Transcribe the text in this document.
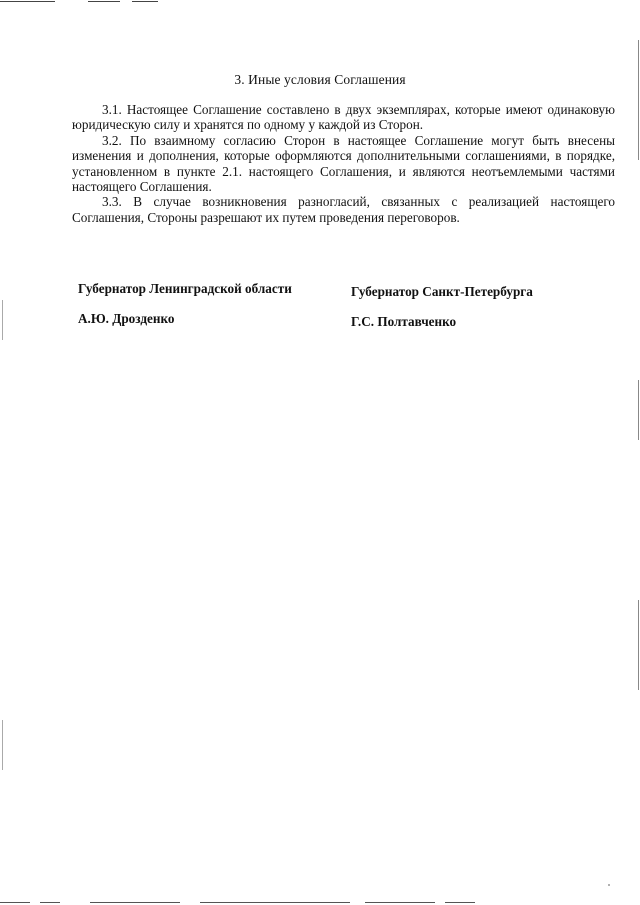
3. Иные условия Соглашения

3.1. Настоящее Соглашение составлено в двух экземплярах, которые имеют одинаковую юридическую силу и хранятся по одному у каждой из Сторон.

3.2. По взаимному согласию Сторон в настоящее Соглашение могут быть внесены изменения и дополнения, которые оформляются дополнительными соглашениями, в порядке, установленном в пункте 2.1. настоящего Соглашения, и являются неотъемлемыми частями настоящего Соглашения.

3.3. В случае возникновения разногласий, связанных с реализацией настоящего Соглашения, Стороны разрешают их путем проведения переговоров.

Губернатор Ленинградской области
А.Ю. Дрозденко
Губернатор Санкт-Петербурга
Г.С. Полтавченко
